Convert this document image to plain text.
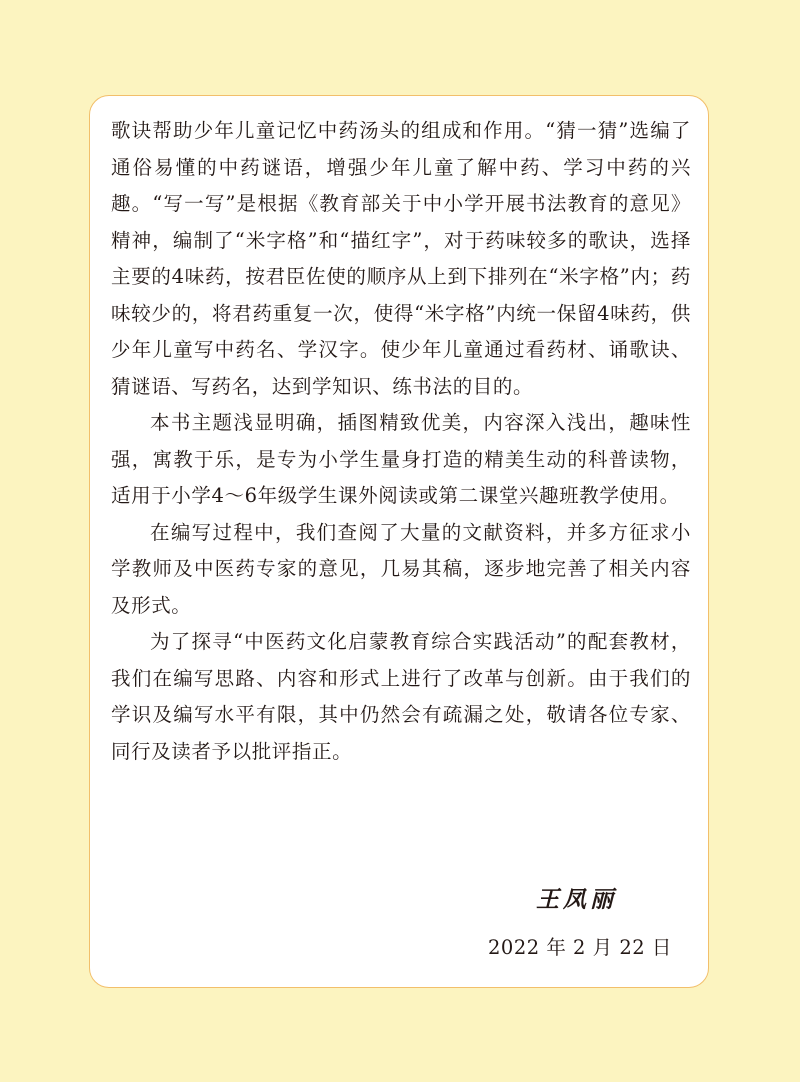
歌诀帮助少年儿童记忆中药汤头的组成和作用。“猜一猜”选编了通俗易懂的中药谜语，增强少年儿童了解中药、学习中药的兴趣。“写一写”是根据《教育部关于中小学开展书法教育的意见》精神，编制了“米字格”和“描红字”，对于药味较多的歌诀，选择主要的4味药，按君臣佐使的顺序从上到下排列在“米字格”内；药味较少的，将君药重复一次，使得“米字格”内统一保留4味药，供少年儿童写中药名、学汉字。使少年儿童通过看药材、诵歌诀、猜谜语、写药名，达到学知识、练书法的目的。

本书主题浅显明确，插图精致优美，内容深入浅出，趣味性强，寓教于乐，是专为小学生量身打造的精美生动的科普读物，适用于小学4～6年级学生课外阅读或第二课堂兴趣班教学使用。

在编写过程中，我们查阅了大量的文献资料，并多方征求小学教师及中医药专家的意见，几易其稿，逐步地完善了相关内容及形式。

为了探寻“中医药文化启蒙教育综合实践活动”的配套教材，我们在编写思路、内容和形式上进行了改革与创新。由于我们的学识及编写水平有限，其中仍然会有疏漏之处，敬请各位专家、同行及读者予以批评指正。

王凤丽
2022 年 2 月 22 日
